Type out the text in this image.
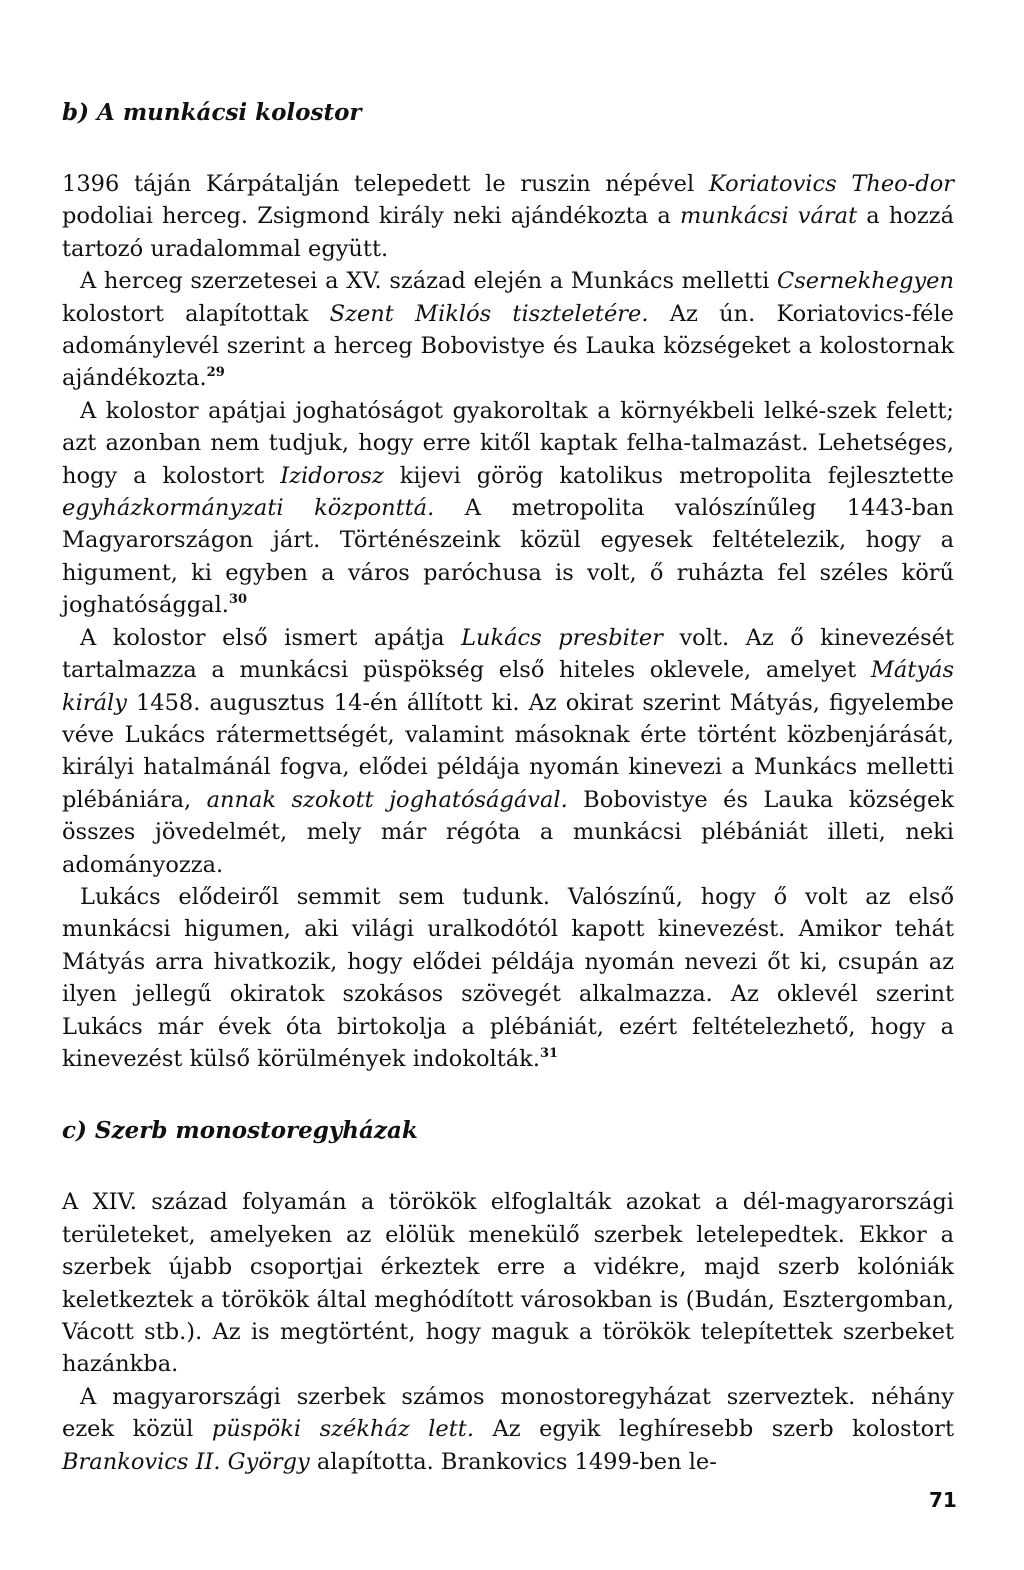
b) A munkácsi kolostor

1396 táján Kárpátalján telepedett le ruszin népével Koriatovics Theo-dor podoliai herceg. Zsigmond király neki ajándékozta a munkácsi várat a hozzá tartozó uradalommal együtt.

A herceg szerzetesei a XV. század elején a Munkács melletti Csernekhegyen kolostort alapítottak Szent Miklós tiszteletére. Az ún. Koriatovics-féle adománylevél szerint a herceg Bobovistye és Lauka községeket a kolostornak ajándékozta.$^{29}$

A kolostor apátjai joghatóságot gyakoroltak a környékbeli lelké-szek felett; azt azonban nem tudjuk, hogy erre kitől kaptak felha-talmazást. Lehetséges, hogy a kolostort Izidorosz kijevi görög katolikus metropolita fejlesztette egyházkormányzati központtá. A metropolita valószínűleg 1443-ban Magyarországon járt. Történészeink közül egyesek feltételezik, hogy a higument, ki egyben a város paróchusa is volt, ő ruházta fel széles körű joghatósággal.$^{30}$

A kolostor első ismert apátja Lukács presbiter volt. Az ő kinevezését tartalmazza a munkácsi püspökség első hiteles oklevele, amelyet Mátyás király 1458. augusztus 14-én állított ki. Az okirat szerint Mátyás, figyelembe véve Lukács rátermettségét, valamint másoknak érte történt közbenjárását, királyi hatalmánál fogva, elődei példája nyomán kinevezi a Munkács melletti plébániára, annak szokott joghatóságával. Bobovistye és Lauka községek összes jövedelmét, mely már régóta a munkácsi plébániát illeti, neki adományozza.

Lukács elődeiről semmit sem tudunk. Valószínű, hogy ő volt az első munkácsi higumen, aki világi uralkodótól kapott kinevezést. Amikor tehát Mátyás arra hivatkozik, hogy elődei példája nyomán nevezi őt ki, csupán az ilyen jellegű okiratok szokásos szövegét alkalmazza. Az oklevél szerint Lukács már évek óta birtokolja a plébániát, ezért feltételezhető, hogy a kinevezést külső körülmények indokolták.$^{31}$

c) Szerb monostoregyházak

A XIV. század folyamán a törökök elfoglalták azokat a dél-magyarországi területeket, amelyeken az elölük menekülő szerbek letelepedtek. Ekkor a szerbek újabb csoportjai érkeztek erre a vidékre, majd szerb kolóniák keletkeztek a törökök által meghódított városokban is (Budán, Esztergomban, Vácott stb.). Az is megtörtént, hogy maguk a törökök telepítettek szerbeket hazánkba.

A magyarországi szerbek számos monostoregyházat szerveztek. néhány ezek közül püspöki székház lett. Az egyik leghíresebb szerb kolostort Brankovics II. György alapította. Brankovics 1499-ben le-

71
